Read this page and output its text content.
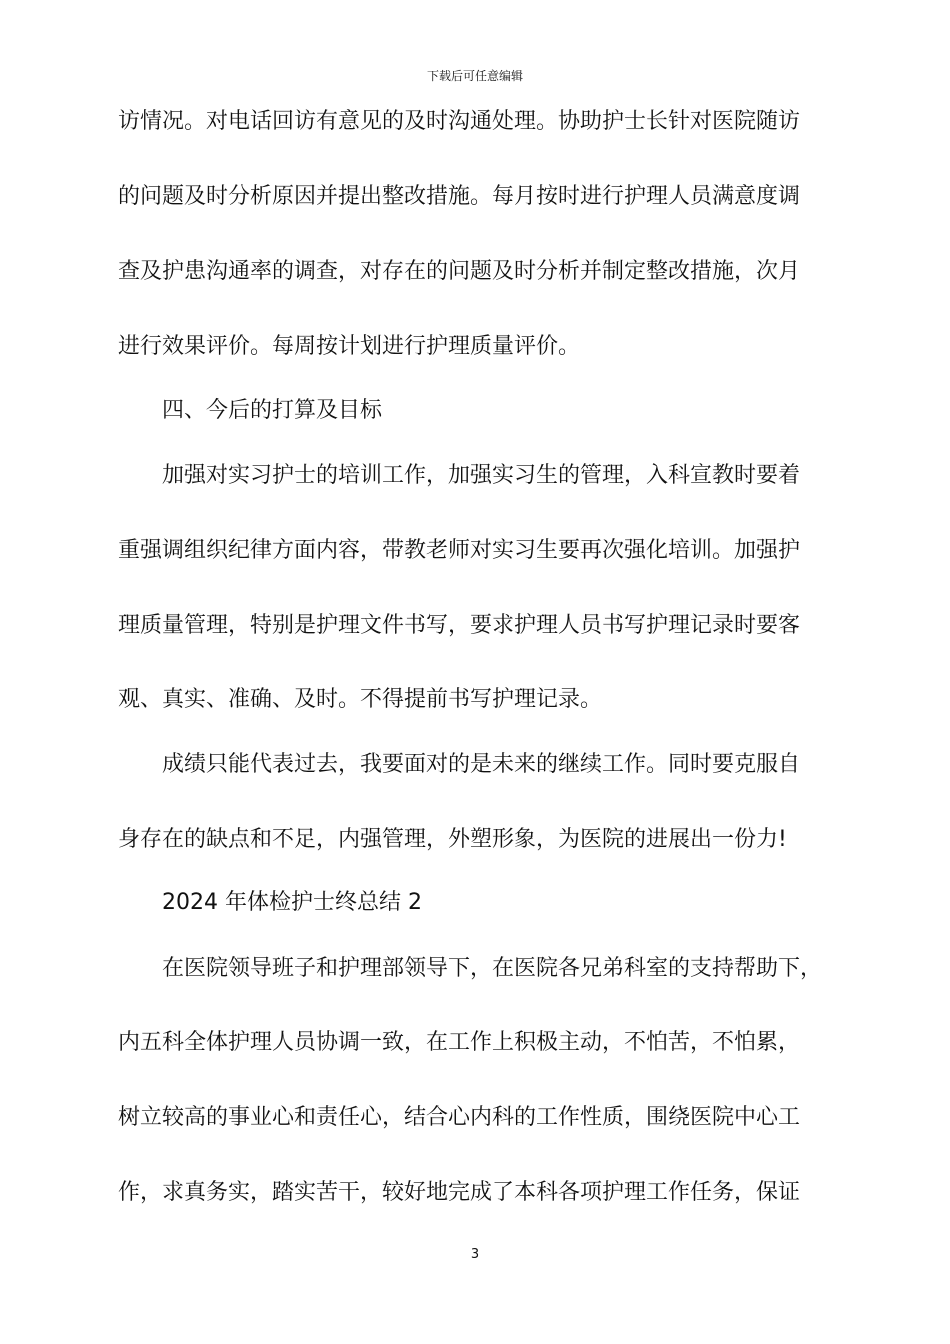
下载后可任意编辑
访情况。对电话回访有意见的及时沟通处理。协助护士长针对医院随访
的问题及时分析原因并提出整改措施。每月按时进行护理人员满意度调
查及护患沟通率的调查，对存在的问题及时分析并制定整改措施，次月
进行效果评价。每周按计划进行护理质量评价。
四、今后的打算及目标
加强对实习护士的培训工作，加强实习生的管理，入科宣教时要着
重强调组织纪律方面内容，带教老师对实习生要再次强化培训。加强护
理质量管理，特别是护理文件书写，要求护理人员书写护理记录时要客
观、真实、准确、及时。不得提前书写护理记录。
成绩只能代表过去，我要面对的是未来的继续工作。同时要克服自
身存在的缺点和不足，内强管理，外塑形象，为医院的进展出一份力!
2024 年体检护士终总结 2
在医院领导班子和护理部领导下，在医院各兄弟科室的支持帮助下，
内五科全体护理人员协调一致，在工作上积极主动，不怕苦，不怕累，
树立较高的事业心和责任心，结合心内科的工作性质，围绕医院中心工
作，求真务实，踏实苦干，较好地完成了本科各项护理工作任务，保证
3
